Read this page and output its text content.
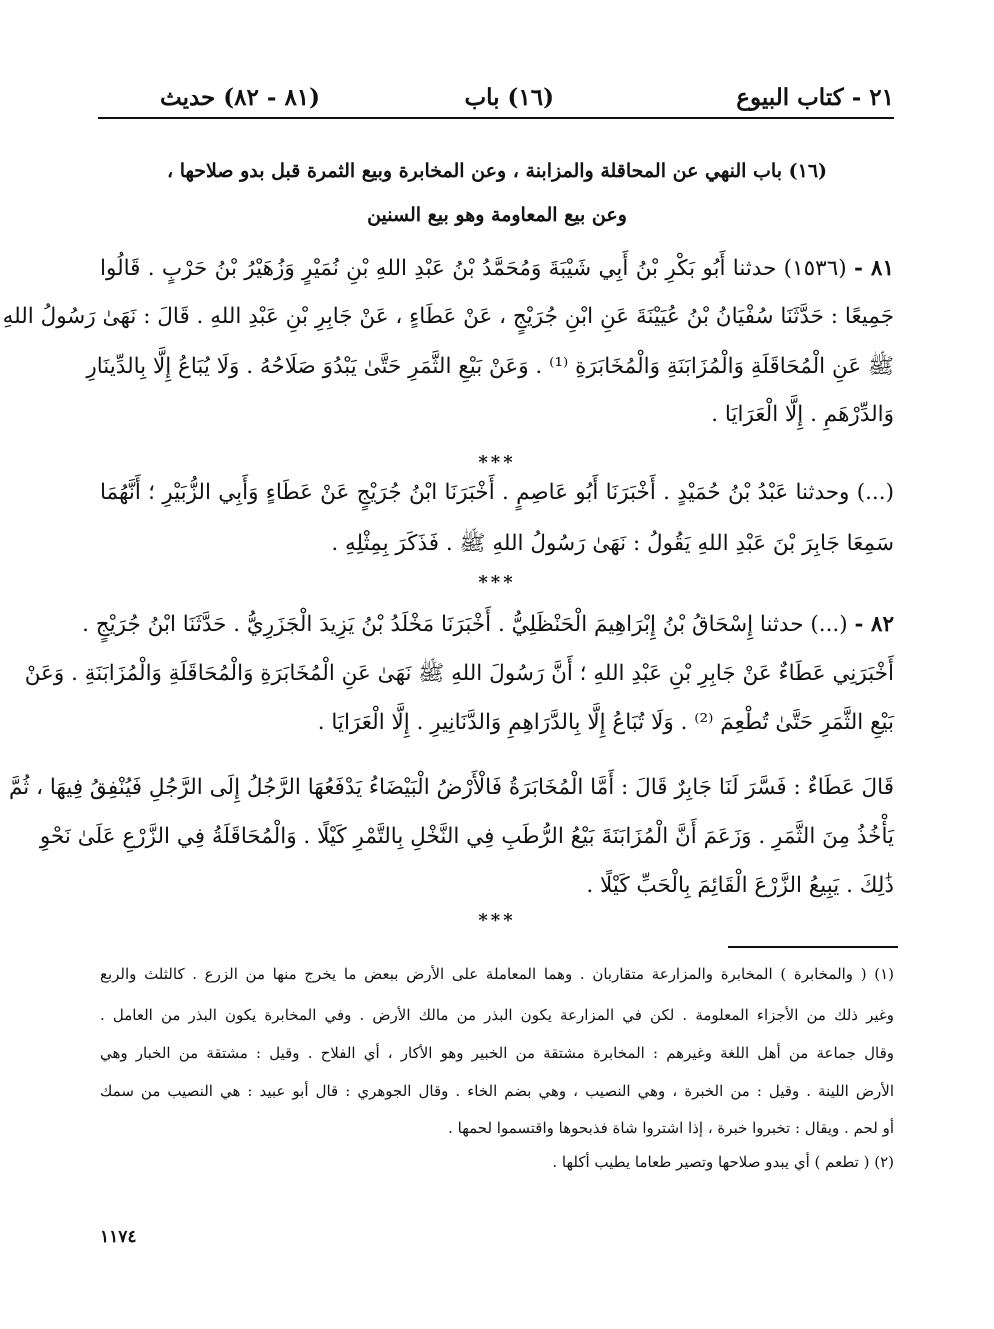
٢١ - كتاب البيوع
(١٦) باب
(٨١ - ٨٢) حديث
(١٦) باب النهي عن المحاقلة والمزابنة ، وعن المخابرة وبيع الثمرة قبل بدو صلاحها ،
وعن بيع المعاومة وهو بيع السنين
٨١ - (١٥٣٦) حدثنا أَبُو بَكْرِ بْنُ أَبِي شَيْبَةَ وَمُحَمَّدُ بْنُ عَبْدِ اللهِ بْنِ نُمَيْرٍ وَزُهَيْرُ بْنُ حَرْبٍ . قَالُوا
جَمِيعًا : حَدَّثَنَا سُفْيَانُ بْنُ عُيَيْنَةَ عَنِ ابْنِ جُرَيْجٍ ، عَنْ عَطَاءٍ ، عَنْ جَابِرِ بْنِ عَبْدِ اللهِ . قَالَ : نَهَىٰ رَسُولُ اللهِ
ﷺ عَنِ الْمُحَاقَلَةِ وَالْمُزَابَنَةِ وَالْمُخَابَرَةِ ⁽¹⁾ . وَعَنْ بَيْعِ الثَّمَرِ حَتَّىٰ يَبْدُوَ صَلَاحُهُ . وَلَا يُبَاعُ إِلَّا بِالدِّينَارِ
وَالدِّرْهَمِ . إِلَّا الْعَرَايَا .
***
(...) وحدثنا عَبْدُ بْنُ حُمَيْدٍ . أَخْبَرَنَا أَبُو عَاصِمٍ . أَخْبَرَنَا ابْنُ جُرَيْجٍ عَنْ عَطَاءٍ وَأَبِي الزُّبَيْرِ ؛ أَنَّهُمَا
سَمِعَا جَابِرَ بْنَ عَبْدِ اللهِ يَقُولُ : نَهَىٰ رَسُولُ اللهِ ﷺ . فَذَكَرَ بِمِثْلِهِ .
***
٨٢ - (...) حدثنا إِسْحَاقُ بْنُ إِبْرَاهِيمَ الْحَنْظَلِيُّ . أَخْبَرَنَا مَخْلَدُ بْنُ يَزِيدَ الْجَزَرِيُّ . حَدَّثَنَا ابْنُ جُرَيْجٍ .
أَخْبَرَنِي عَطَاءٌ عَنْ جَابِرِ بْنِ عَبْدِ اللهِ ؛ أَنَّ رَسُولَ اللهِ ﷺ نَهَىٰ عَنِ الْمُخَابَرَةِ وَالْمُحَاقَلَةِ وَالْمُزَابَنَةِ . وَعَنْ
بَيْعِ الثَّمَرِ حَتَّىٰ تُطْعِمَ ⁽²⁾ . وَلَا تُبَاعُ إِلَّا بِالدَّرَاهِمِ وَالدَّنَانِيرِ . إِلَّا الْعَرَايَا .
قَالَ عَطَاءٌ : فَسَّرَ لَنَا جَابِرٌ قَالَ : أَمَّا الْمُخَابَرَةُ فَالْأَرْضُ الْبَيْضَاءُ يَدْفَعُهَا الرَّجُلُ إِلَى الرَّجُلِ فَيُنْفِقُ فِيهَا ، ثُمَّ
يَأْخُذُ مِنَ الثَّمَرِ . وَزَعَمَ أَنَّ الْمُزَابَنَةَ بَيْعُ الرُّطَبِ فِي النَّخْلِ بِالتَّمْرِ كَيْلًا . وَالْمُحَاقَلَةُ فِي الزَّرْعِ عَلَىٰ نَحْوِ
ذَٰلِكَ . يَبِيعُ الزَّرْعَ الْقَائِمَ بِالْحَبِّ كَيْلًا .
***
(١) ( والمخابرة ) المخابرة والمزارعة متقاربان . وهما المعاملة على الأرض ببعض ما يخرج منها من الزرع . كالثلث والربع
وغير ذلك من الأجزاء المعلومة . لكن في المزارعة يكون البذر من مالك الأرض . وفي المخابرة يكون البذر من العامل .
وقال جماعة من أهل اللغة وغيرهم : المخابرة مشتقة من الخبير وهو الأكار ، أي الفلاح . وقيل : مشتقة من الخبار وهي
الأرض اللينة . وقيل : من الخبرة ، وهي النصيب ، وهي بضم الخاء . وقال الجوهري : قال أبو عبيد : هي النصيب من سمك
أو لحم . ويقال : تخبروا خبرة ، إذا اشتروا شاة فذبحوها واقتسموا لحمها .
(٢) ( تطعم ) أي يبدو صلاحها وتصير طعاما يطيب أكلها .
١١٧٤
